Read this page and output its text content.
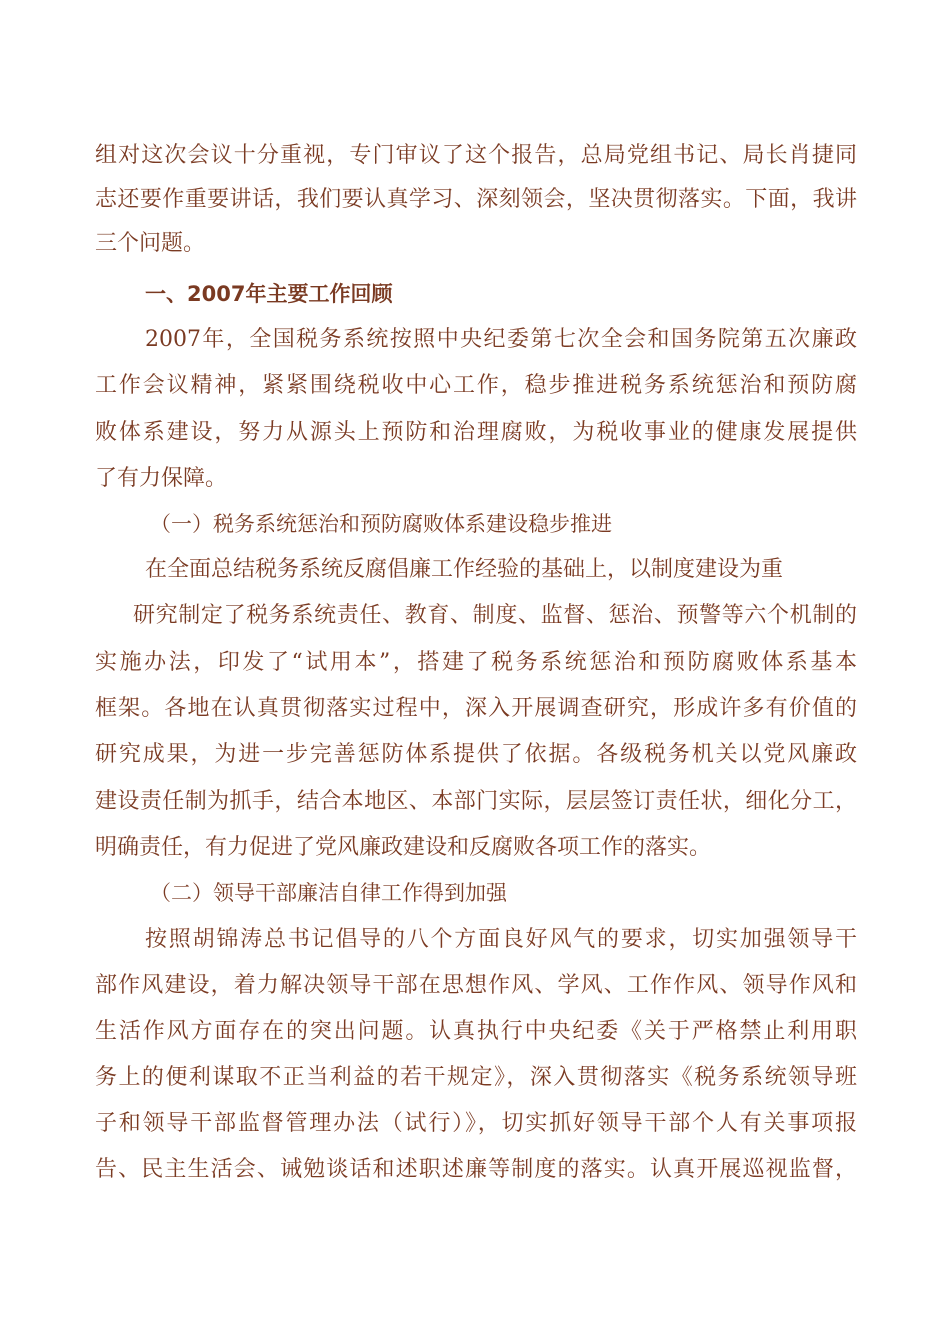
组对这次会议十分重视，专门审议了这个报告，总局党组书记、局长肖捷同
志还要作重要讲话，我们要认真学习、深刻领会，坚决贯彻落实。下面，我讲
三个问题。
一、2007年主要工作回顾
2007年，全国税务系统按照中央纪委第七次全会和国务院第五次廉政
工作会议精神，紧紧围绕税收中心工作，稳步推进税务系统惩治和预防腐
败体系建设，努力从源头上预防和治理腐败，为税收事业的健康发展提供
了有力保障。
（一）税务系统惩治和预防腐败体系建设稳步推进
在全面总结税务系统反腐倡廉工作经验的基础上，以制度建设为重
研究制定了税务系统责任、教育、制度、监督、惩治、预警等六个机制的
实施办法，印发了“试用本”，搭建了税务系统惩治和预防腐败体系基本
框架。各地在认真贯彻落实过程中，深入开展调查研究，形成许多有价值的
研究成果，为进一步完善惩防体系提供了依据。各级税务机关以党风廉政
建设责任制为抓手，结合本地区、本部门实际，层层签订责任状，细化分工，
明确责任，有力促进了党风廉政建设和反腐败各项工作的落实。
（二）领导干部廉洁自律工作得到加强
按照胡锦涛总书记倡导的八个方面良好风气的要求，切实加强领导干
部作风建设，着力解决领导干部在思想作风、学风、工作作风、领导作风和
生活作风方面存在的突出问题。认真执行中央纪委《关于严格禁止利用职
务上的便利谋取不正当利益的若干规定》，深入贯彻落实《税务系统领导班
子和领导干部监督管理办法（试行）》，切实抓好领导干部个人有关事项报
告、民主生活会、诫勉谈话和述职述廉等制度的落实。认真开展巡视监督，
